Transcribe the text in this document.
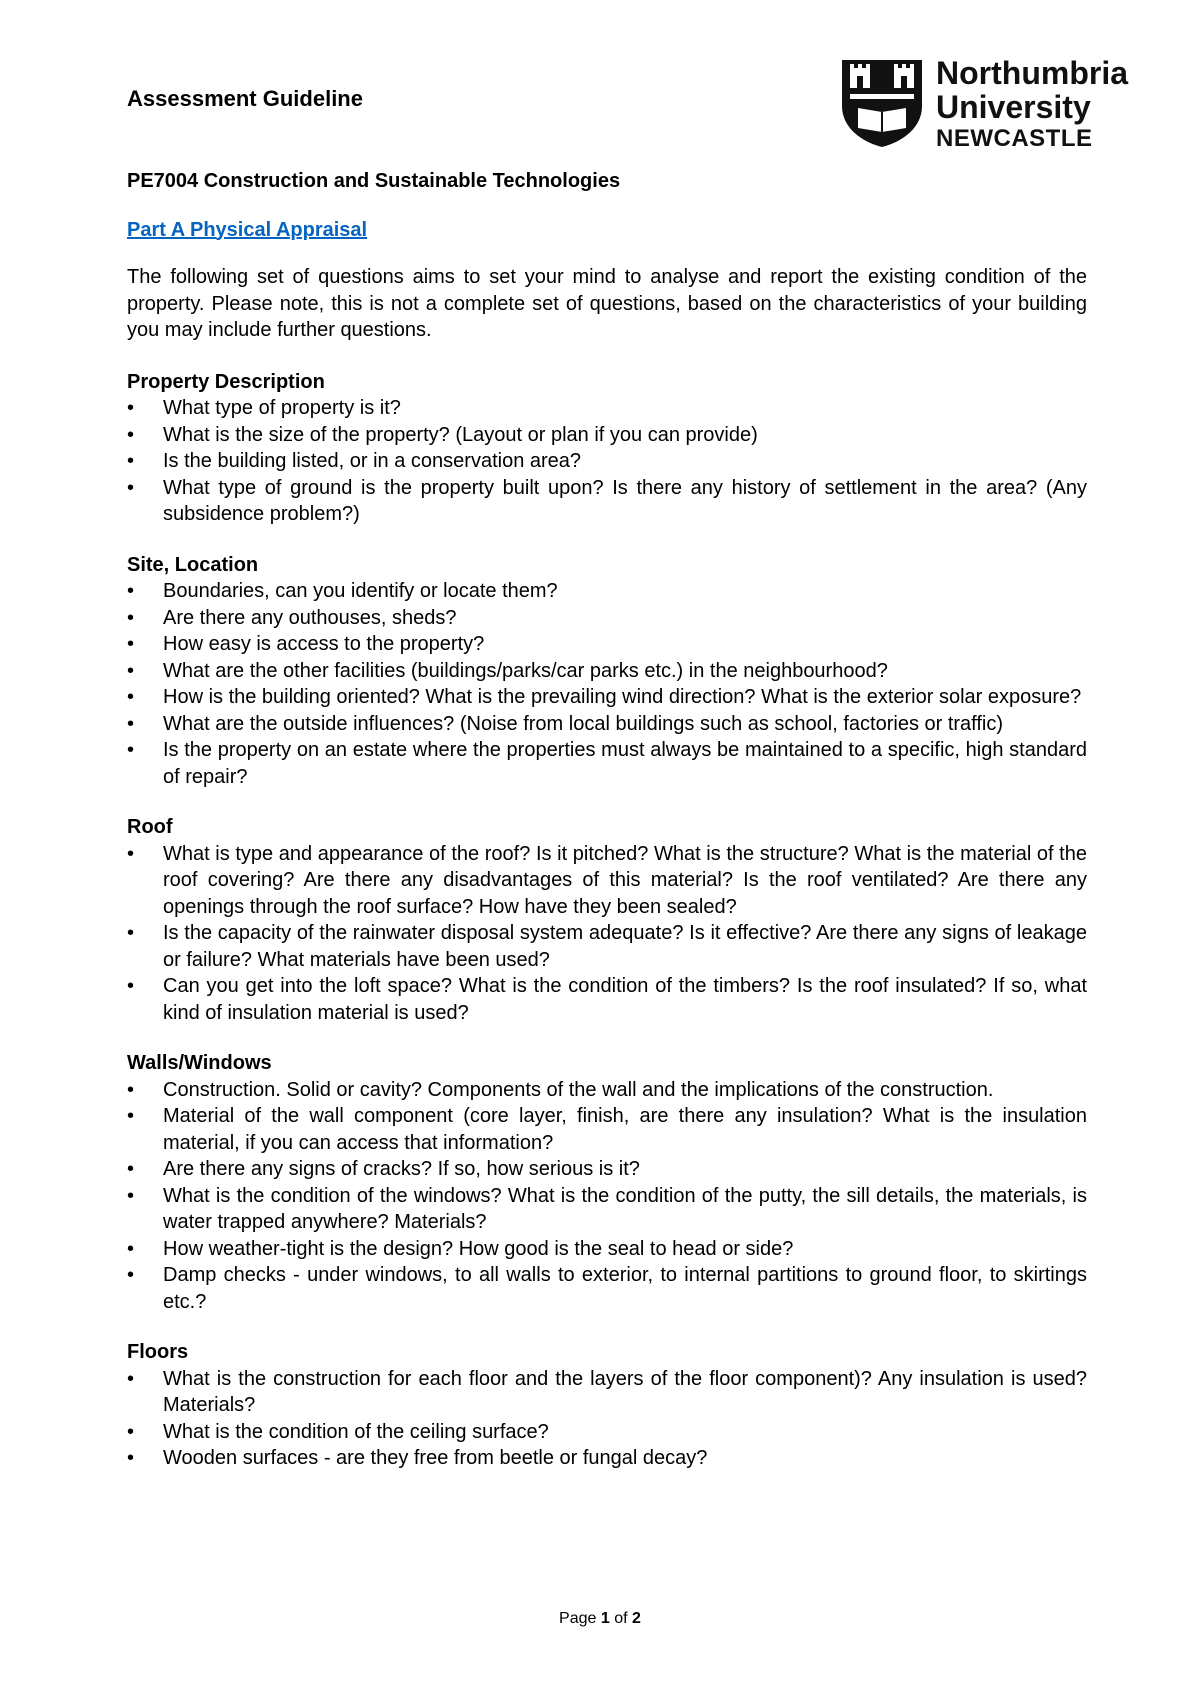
Assessment Guideline
Northumbria
University
NEWCASTLE

PE7004 Construction and Sustainable Technologies

Part A Physical Appraisal

The following set of questions aims to set your mind to analyse and report the existing condition of the property. Please note, this is not a complete set of questions, based on the characteristics of your building you may include further questions.

Property Description
• What type of property is it?
• What is the size of the property? (Layout or plan if you can provide)
• Is the building listed, or in a conservation area?
• What type of ground is the property built upon? Is there any history of settlement in the area? (Any subsidence problem?)
Site, Location
• Boundaries, can you identify or locate them?
• Are there any outhouses, sheds?
• How easy is access to the property?
• What are the other facilities (buildings/parks/car parks etc.) in the neighbourhood?
• How is the building oriented? What is the prevailing wind direction? What is the exterior solar exposure?
• What are the outside influences? (Noise from local buildings such as school, factories or traffic)
• Is the property on an estate where the properties must always be maintained to a specific, high standard of repair?
Roof
• What is type and appearance of the roof? Is it pitched? What is the structure? What is the material of the roof covering? Are there any disadvantages of this material? Is the roof ventilated? Are there any openings through the roof surface? How have they been sealed?
• Is the capacity of the rainwater disposal system adequate? Is it effective? Are there any signs of leakage or failure? What materials have been used?
• Can you get into the loft space? What is the condition of the timbers? Is the roof insulated? If so, what kind of insulation material is used?
Walls/Windows
• Construction. Solid or cavity? Components of the wall and the implications of the construction.
• Material of the wall component (core layer, finish, are there any insulation? What is the insulation material, if you can access that information?
• Are there any signs of cracks? If so, how serious is it?
• What is the condition of the windows? What is the condition of the putty, the sill details, the materials, is water trapped anywhere? Materials?
• How weather-tight is the design? How good is the seal to head or side?
• Damp checks - under windows, to all walls to exterior, to internal partitions to ground floor, to skirtings etc.?
Floors
• What is the construction for each floor and the layers of the floor component)? Any insulation is used? Materials?
• What is the condition of the ceiling surface?
• Wooden surfaces - are they free from beetle or fungal decay?
Page 1 of 2
